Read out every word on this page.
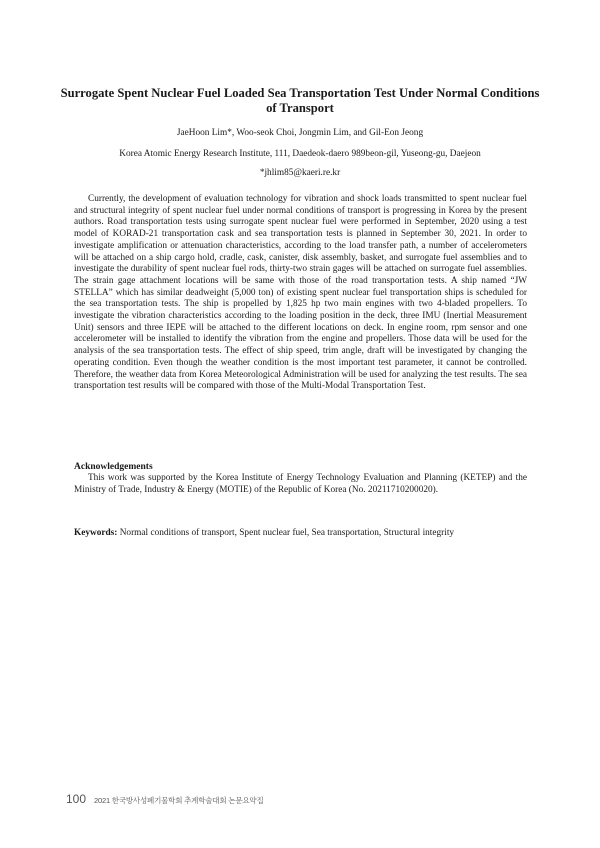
Surrogate Spent Nuclear Fuel Loaded Sea Transportation Test Under Normal Conditions of Transport
JaeHoon Lim*, Woo-seok Choi, Jongmin Lim, and Gil-Eon Jeong
Korea Atomic Energy Research Institute, 111, Daedeok-daero 989beon-gil, Yuseong-gu, Daejeon
*jhlim85@kaeri.re.kr

Currently, the development of evaluation technology for vibration and shock loads transmitted to spent nuclear fuel and structural integrity of spent nuclear fuel under normal conditions of transport is progressing in Korea by the present authors. Road transportation tests using surrogate spent nuclear fuel were performed in September, 2020 using a test model of KORAD-21 transportation cask and sea transportation tests is planned in September 30, 2021. In order to investigate amplification or attenuation characteristics, according to the load transfer path, a number of accelerometers will be attached on a ship cargo hold, cradle, cask, canister, disk assembly, basket, and surrogate fuel assemblies and to investigate the durability of spent nuclear fuel rods, thirty-two strain gages will be attached on surrogate fuel assemblies. The strain gage attachment locations will be same with those of the road transportation tests. A ship named “JW STELLA” which has similar deadweight (5,000 ton) of existing spent nuclear fuel transportation ships is scheduled for the sea transportation tests. The ship is propelled by 1,825 hp two main engines with two 4-bladed propellers. To investigate the vibration characteristics according to the loading position in the deck, three IMU (Inertial Measurement Unit) sensors and three IEPE will be attached to the different locations on deck. In engine room, rpm sensor and one accelerometer will be installed to identify the vibration from the engine and propellers. Those data will be used for the analysis of the sea transportation tests. The effect of ship speed, trim angle, draft will be investigated by changing the operating condition. Even though the weather condition is the most important test parameter, it cannot be controlled. Therefore, the weather data from Korea Meteorological Administration will be used for analyzing the test results. The sea transportation test results will be compared with those of the Multi-Modal Transportation Test.

Acknowledgements

This work was supported by the Korea Institute of Energy Technology Evaluation and Planning (KETEP) and the Ministry of Trade, Industry & Energy (MOTIE) of the Republic of Korea (No. 20211710200020).

Keywords: Normal conditions of transport, Spent nuclear fuel, Sea transportation, Structural integrity

100 2021 한국방사성폐기물학회 추계학술대회 논문요약집
